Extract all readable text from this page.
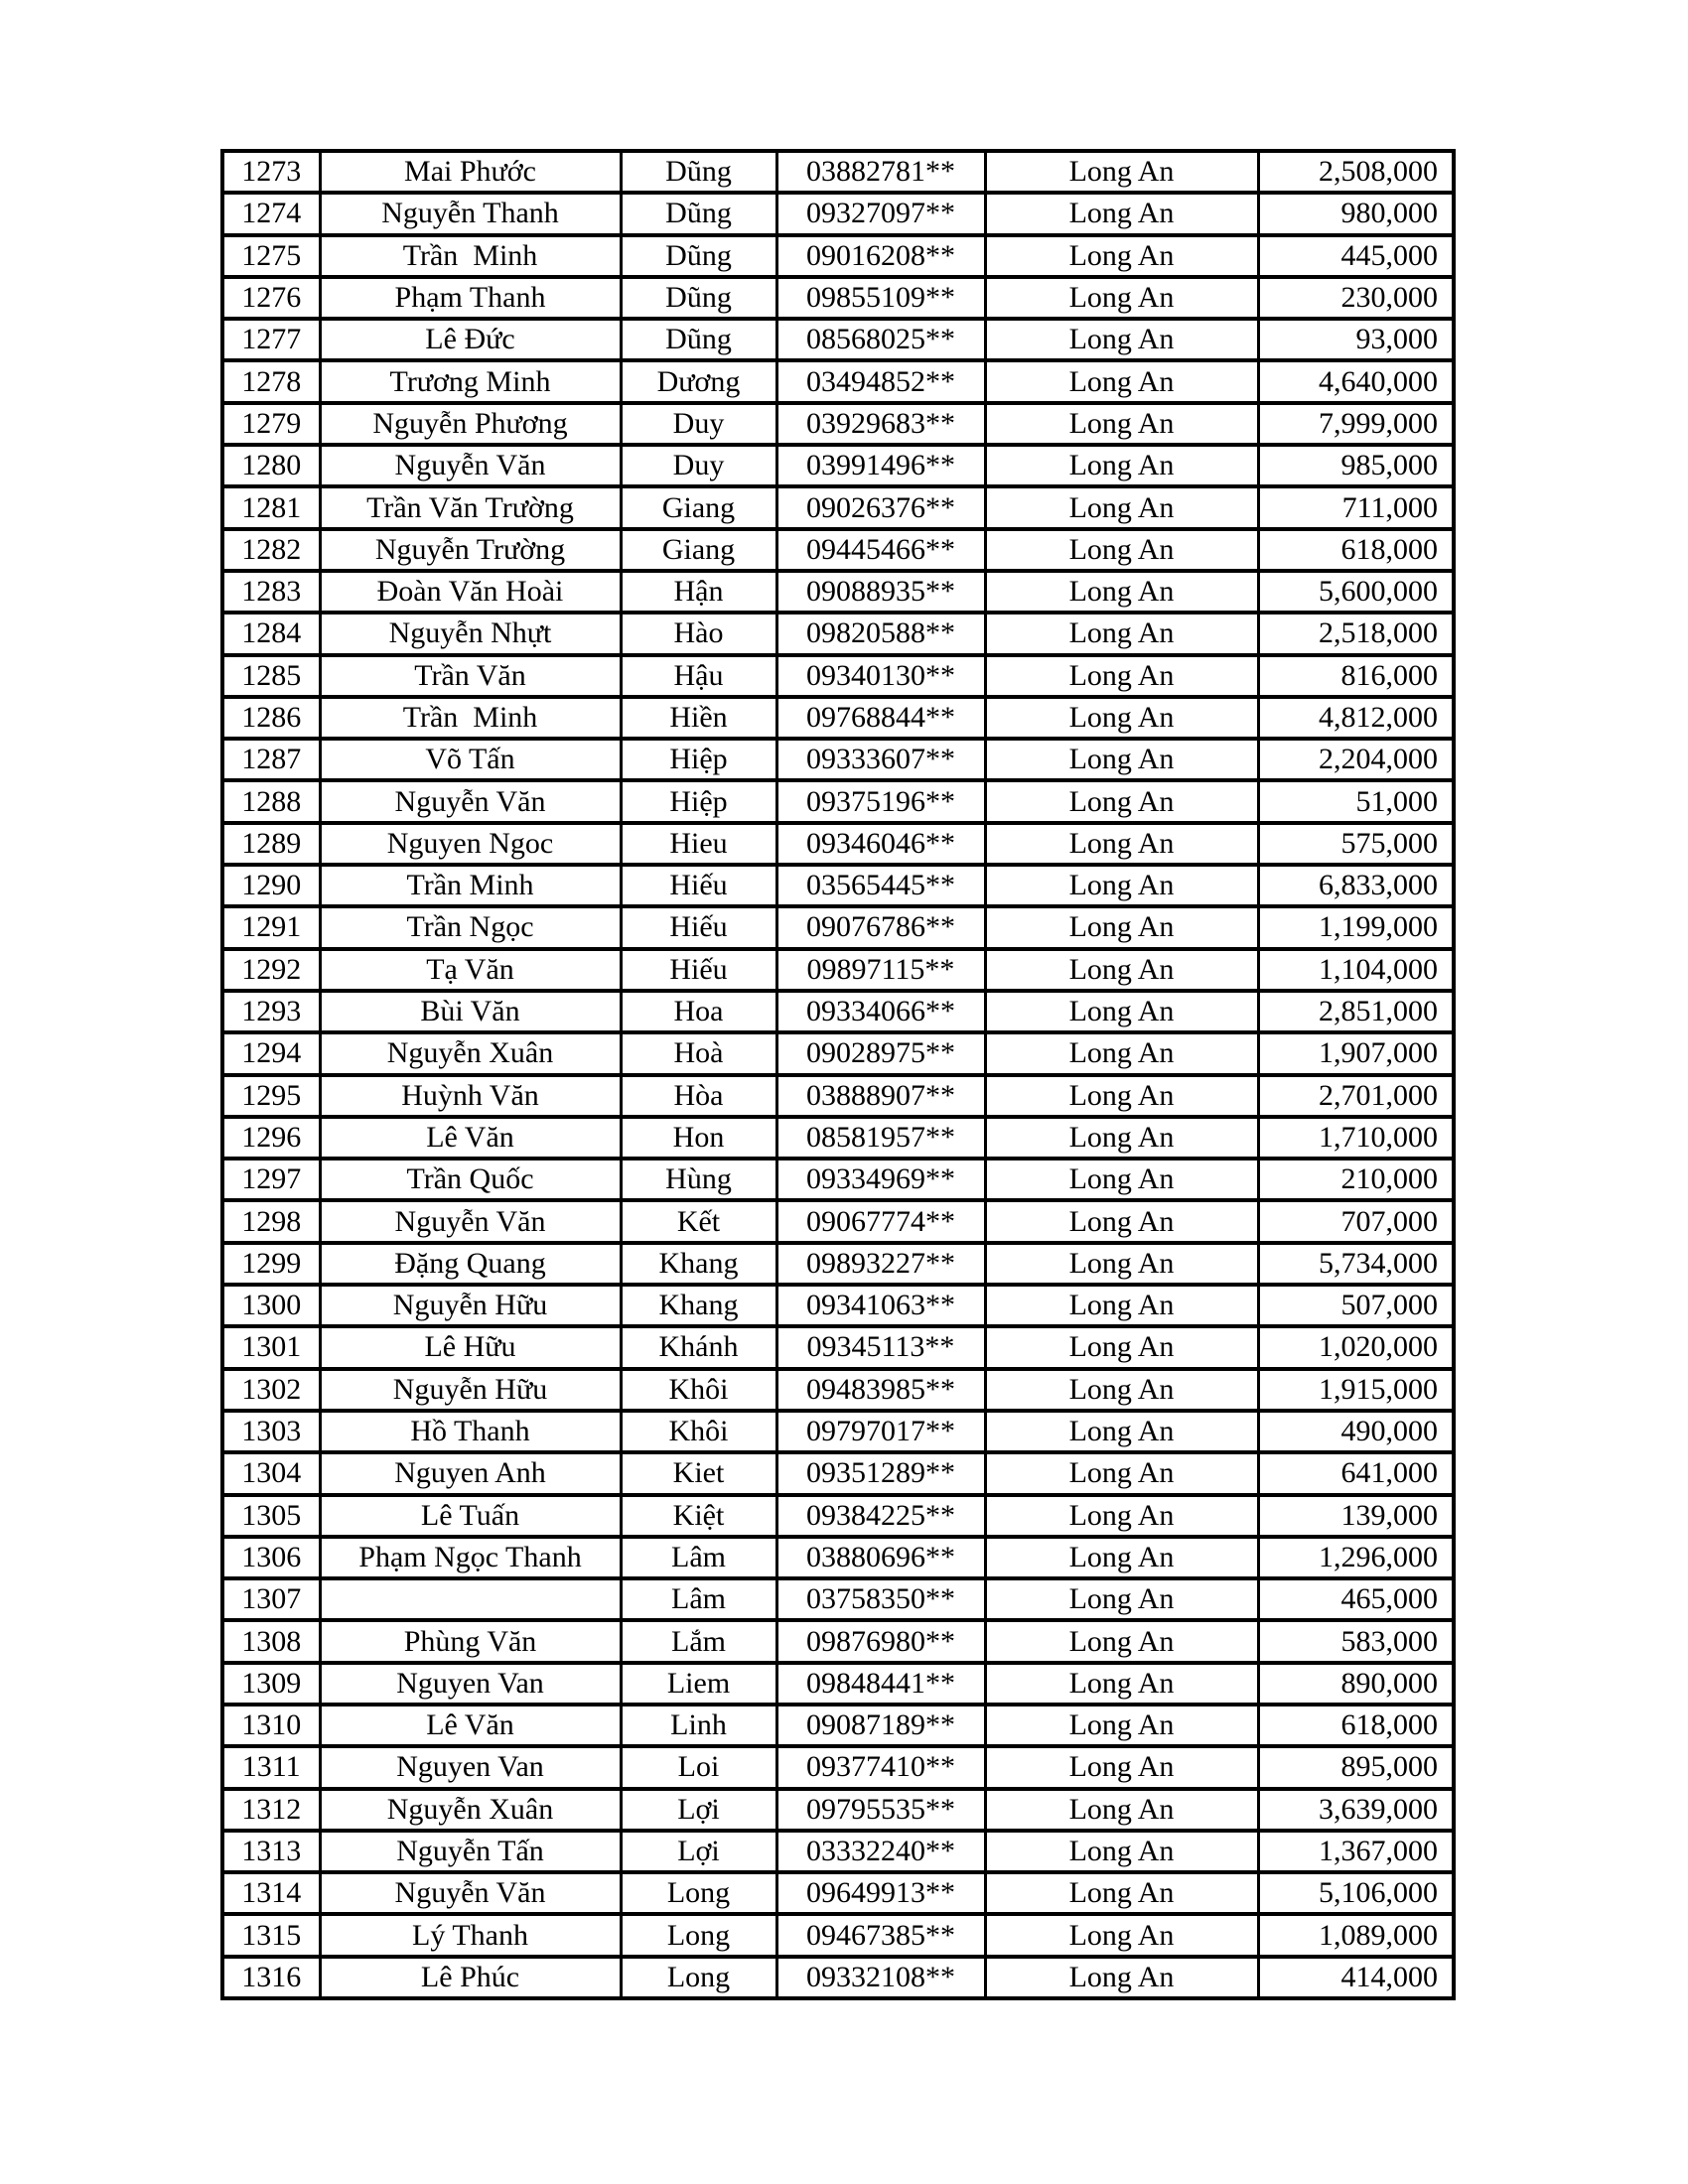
1273	Mai Phước	Dũng	03882781**	Long An	2,508,000
1274	Nguyễn Thanh	Dũng	09327097**	Long An	980,000
1275	Trần  Minh	Dũng	09016208**	Long An	445,000
1276	Phạm Thanh	Dũng	09855109**	Long An	230,000
1277	Lê Đức	Dũng	08568025**	Long An	93,000
1278	Trương Minh	Dương	03494852**	Long An	4,640,000
1279	Nguyễn Phương	Duy	03929683**	Long An	7,999,000
1280	Nguyễn Văn	Duy	03991496**	Long An	985,000
1281	Trần Văn Trường	Giang	09026376**	Long An	711,000
1282	Nguyễn Trường	Giang	09445466**	Long An	618,000
1283	Đoàn Văn Hoài	Hận	09088935**	Long An	5,600,000
1284	Nguyễn Nhựt	Hào	09820588**	Long An	2,518,000
1285	Trần Văn	Hậu	09340130**	Long An	816,000
1286	Trần  Minh	Hiền	09768844**	Long An	4,812,000
1287	Võ Tấn	Hiệp	09333607**	Long An	2,204,000
1288	Nguyễn Văn	Hiệp	09375196**	Long An	51,000
1289	Nguyen Ngoc	Hieu	09346046**	Long An	575,000
1290	Trần Minh	Hiếu	03565445**	Long An	6,833,000
1291	Trần Ngọc	Hiếu	09076786**	Long An	1,199,000
1292	Tạ Văn	Hiếu	09897115**	Long An	1,104,000
1293	Bùi Văn	Hoa	09334066**	Long An	2,851,000
1294	Nguyễn Xuân	Hoà	09028975**	Long An	1,907,000
1295	Huỳnh Văn	Hòa	03888907**	Long An	2,701,000
1296	Lê Văn	Hon	08581957**	Long An	1,710,000
1297	Trần Quốc	Hùng	09334969**	Long An	210,000
1298	Nguyễn Văn	Kết	09067774**	Long An	707,000
1299	Đặng Quang	Khang	09893227**	Long An	5,734,000
1300	Nguyễn Hữu	Khang	09341063**	Long An	507,000
1301	Lê Hữu	Khánh	09345113**	Long An	1,020,000
1302	Nguyễn Hữu	Khôi	09483985**	Long An	1,915,000
1303	Hồ Thanh	Khôi	09797017**	Long An	490,000
1304	Nguyen Anh	Kiet	09351289**	Long An	641,000
1305	Lê Tuấn	Kiệt	09384225**	Long An	139,000
1306	Phạm Ngọc Thanh	Lâm	03880696**	Long An	1,296,000
1307		Lâm	03758350**	Long An	465,000
1308	Phùng Văn	Lắm	09876980**	Long An	583,000
1309	Nguyen Van	Liem	09848441**	Long An	890,000
1310	Lê Văn	Linh	09087189**	Long An	618,000
1311	Nguyen Van	Loi	09377410**	Long An	895,000
1312	Nguyễn Xuân	Lợi	09795535**	Long An	3,639,000
1313	Nguyễn Tấn	Lợi	03332240**	Long An	1,367,000
1314	Nguyễn Văn	Long	09649913**	Long An	5,106,000
1315	Lý Thanh	Long	09467385**	Long An	1,089,000
1316	Lê Phúc	Long	09332108**	Long An	414,000
